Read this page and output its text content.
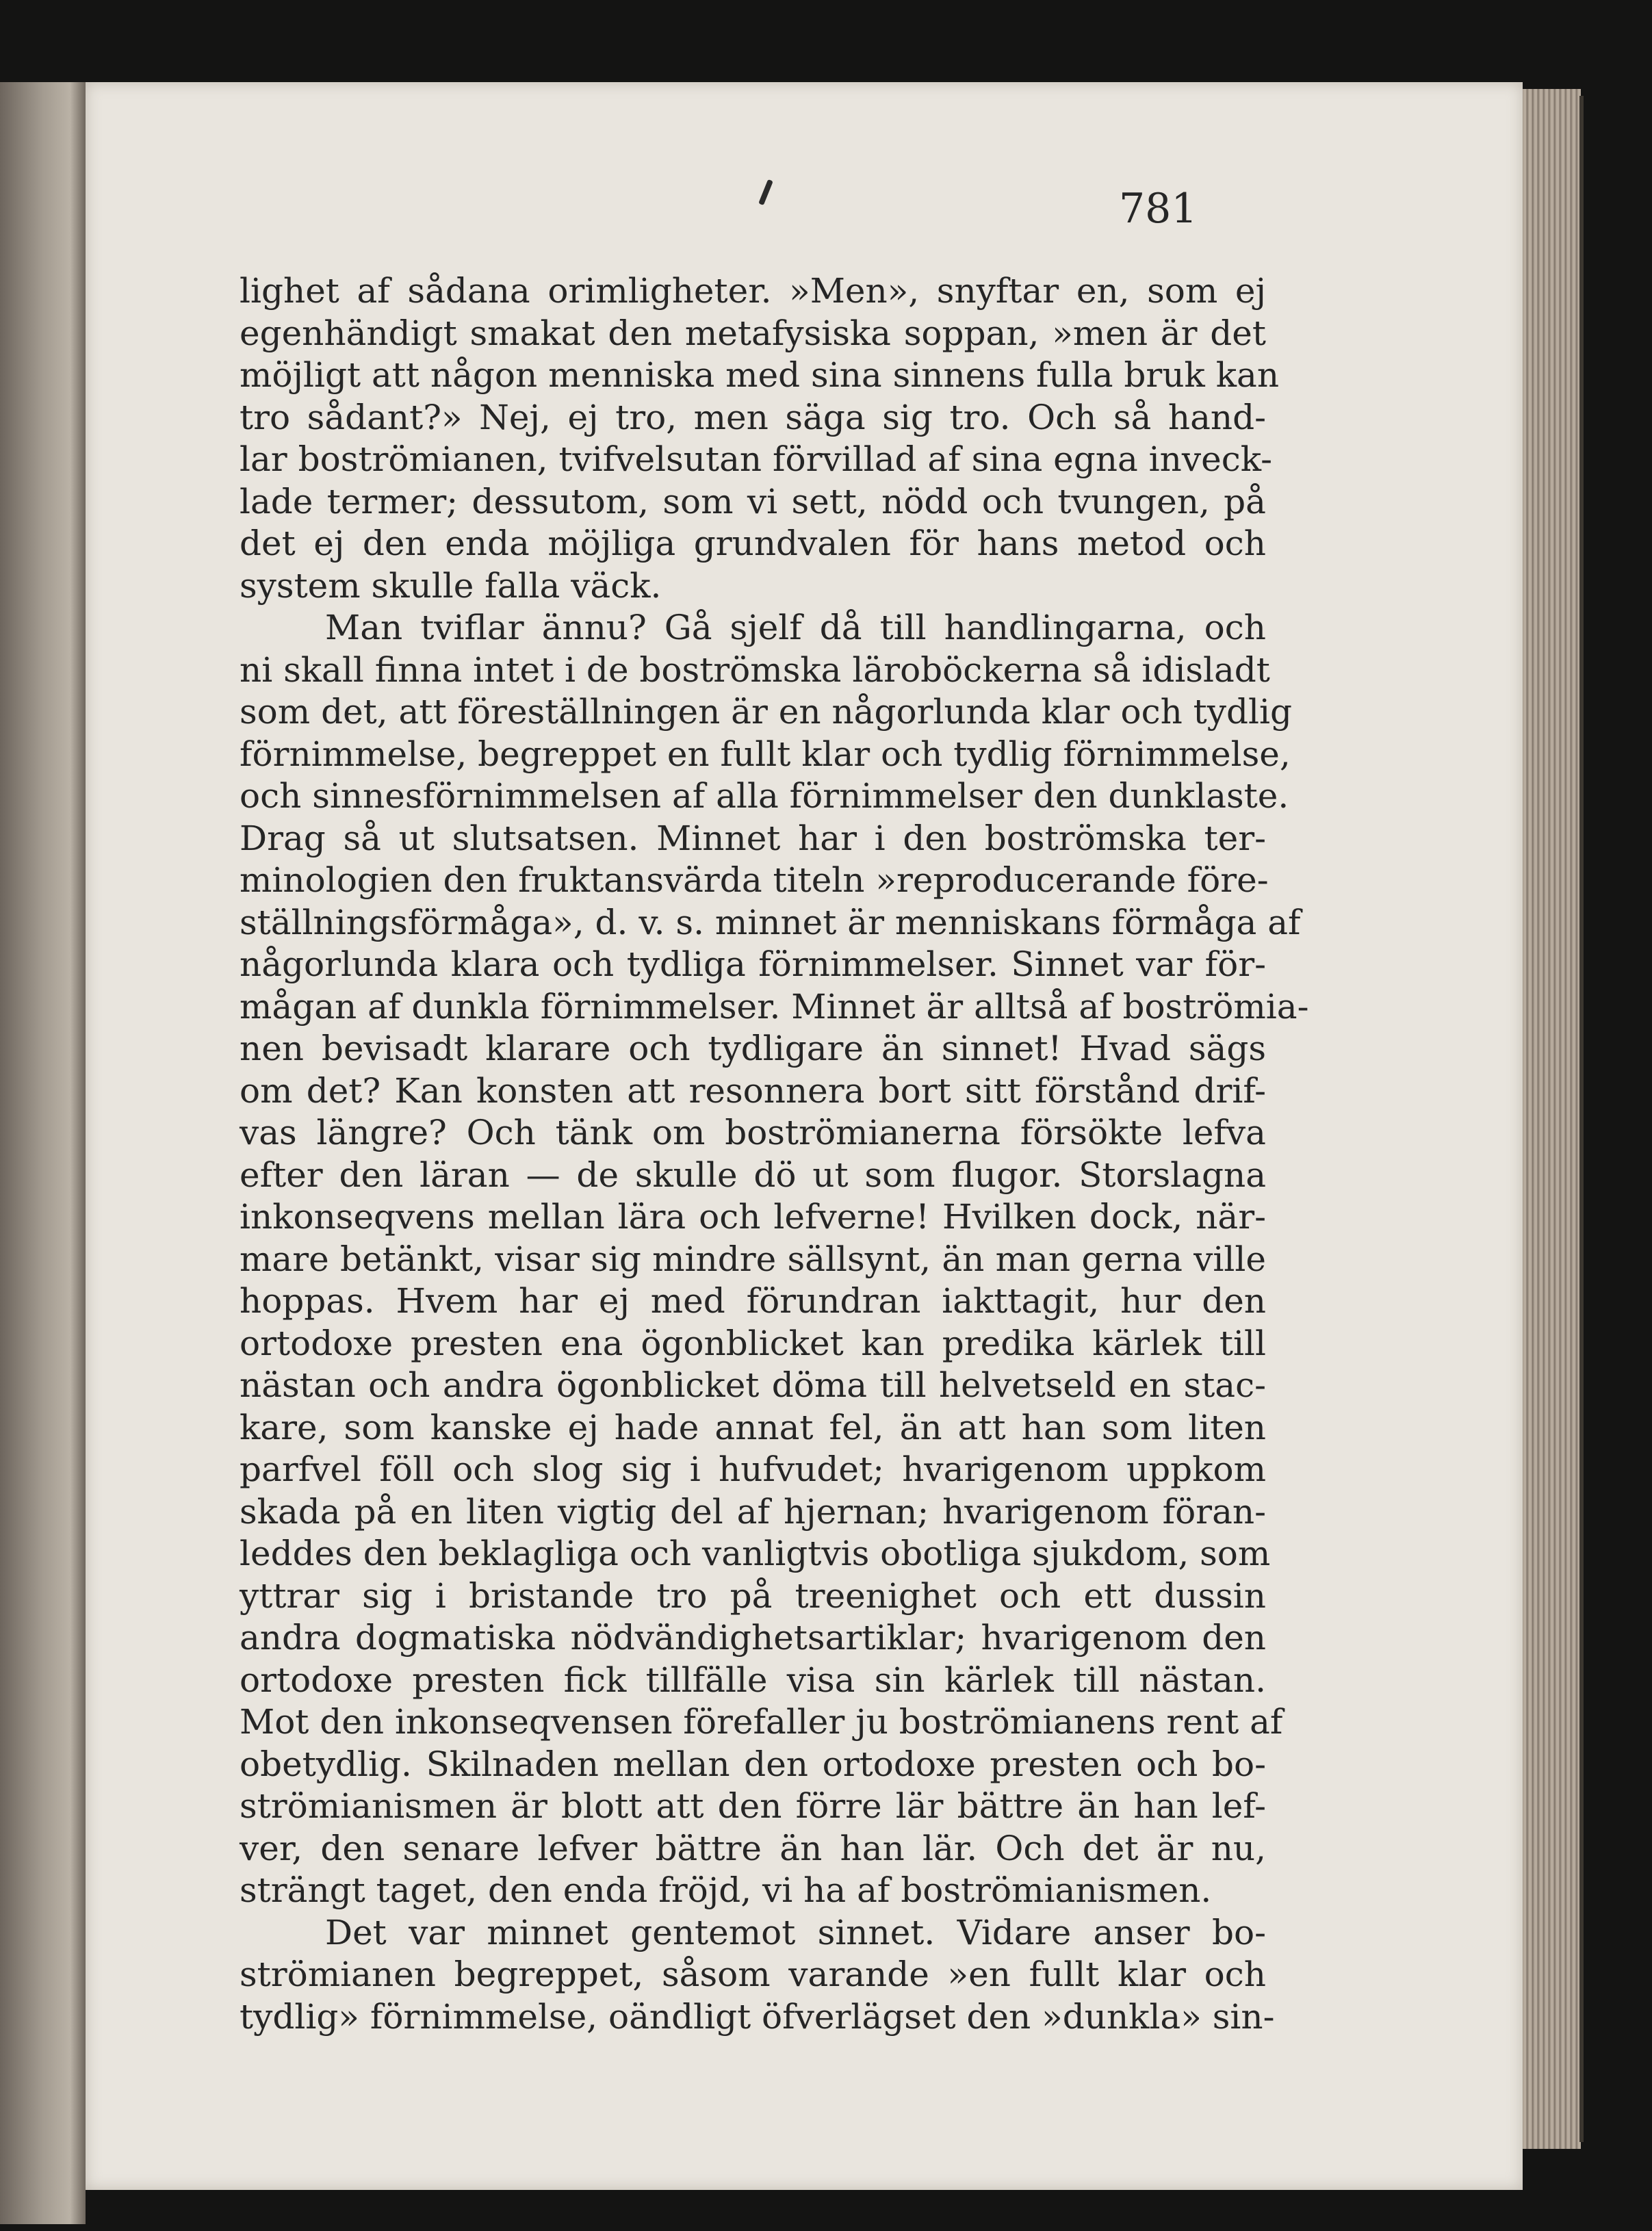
781
lighet af sådana orimligheter. »Men», snyftar en, som ej
egenhändigt smakat den metafysiska soppan, »men är det
möjligt att någon menniska med sina sinnens fulla bruk kan
tro sådant?» Nej, ej tro, men säga sig tro. Och så hand-
lar boströmianen, tvifvelsutan förvillad af sina egna inveck-
lade termer; dessutom, som vi sett, nödd och tvungen, på
det ej den enda möjliga grundvalen för hans metod och
system skulle falla väck.
Man tviflar ännu? Gå sjelf då till handlingarna, och
ni skall finna intet i de boströmska läroböckerna så idisladt
som det, att föreställningen är en någorlunda klar och tydlig
förnimmelse, begreppet en fullt klar och tydlig förnimmelse,
och sinnesförnimmelsen af alla förnimmelser den dunklaste.
Drag så ut slutsatsen. Minnet har i den boströmska ter-
minologien den fruktansvärda titeln »reproducerande före-
ställningsförmåga», d. v. s. minnet är menniskans förmåga af
någorlunda klara och tydliga förnimmelser. Sinnet var för-
mågan af dunkla förnimmelser. Minnet är alltså af boströmia-
nen bevisadt klarare och tydligare än sinnet! Hvad sägs
om det? Kan konsten att resonnera bort sitt förstånd drif-
vas längre? Och tänk om boströmianerna försökte lefva
efter den läran — de skulle dö ut som flugor. Storslagna
inkonseqvens mellan lära och lefverne! Hvilken dock, när-
mare betänkt, visar sig mindre sällsynt, än man gerna ville
hoppas. Hvem har ej med förundran iakttagit, hur den
ortodoxe presten ena ögonblicket kan predika kärlek till
nästan och andra ögonblicket döma till helvetseld en stac-
kare, som kanske ej hade annat fel, än att han som liten
parfvel föll och slog sig i hufvudet; hvarigenom uppkom
skada på en liten vigtig del af hjernan; hvarigenom föran-
leddes den beklagliga och vanligtvis obotliga sjukdom, som
yttrar sig i bristande tro på treenighet och ett dussin
andra dogmatiska nödvändighetsartiklar; hvarigenom den
ortodoxe presten fick tillfälle visa sin kärlek till nästan.
Mot den inkonseqvensen förefaller ju boströmianens rent af
obetydlig. Skilnaden mellan den ortodoxe presten och bo-
strömianismen är blott att den förre lär bättre än han lef-
ver, den senare lefver bättre än han lär. Och det är nu,
strängt taget, den enda fröjd, vi ha af boströmianismen.
Det var minnet gentemot sinnet. Vidare anser bo-
strömianen begreppet, såsom varande »en fullt klar och
tydlig» förnimmelse, oändligt öfverlägset den »dunkla» sin-
